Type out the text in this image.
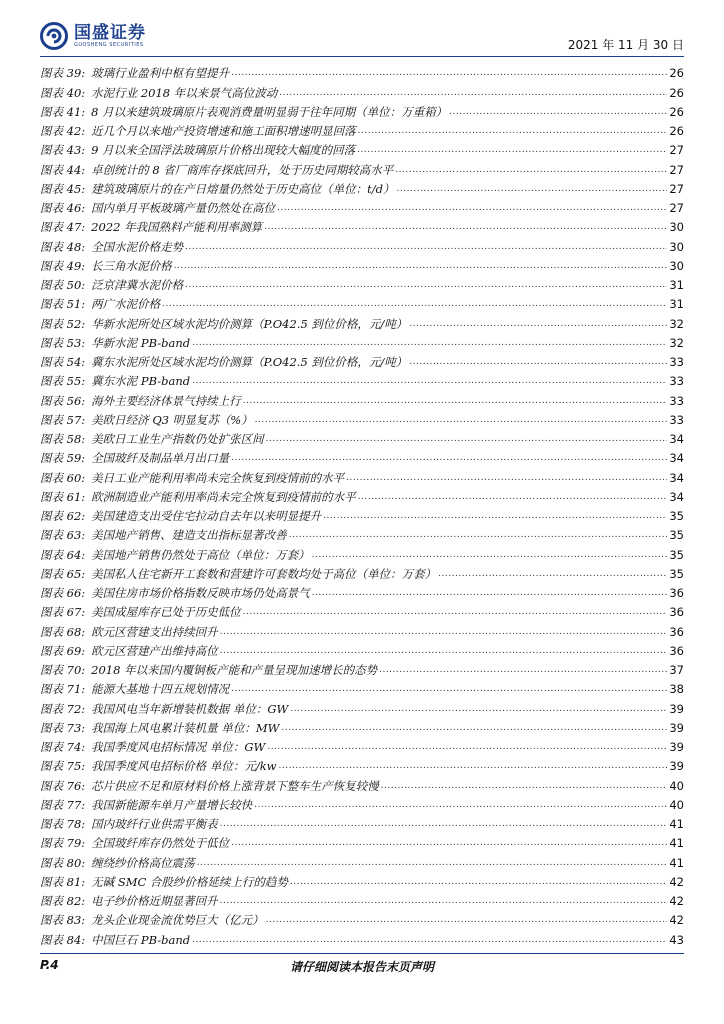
国盛证券
GUOSHENG SECURITIES	2021 年 11 月 30 日
图表 39: 玻璃行业盈利中枢有望提升 .....	26
图表 40: 水泥行业 2018 年以来景气高位波动 .....	26
图表 41: 8 月以来建筑玻璃原片表观消费量明显弱于往年同期（单位：万重箱） .....	26
图表 42: 近几个月以来地产投资增速和施工面积增速明显回落 .....	26
图表 43: 9 月以来全国浮法玻璃原片价格出现较大幅度的回落 .....	27
图表 44: 卓创统计的 8 省厂商库存探底回升，处于历史同期较高水平 .....	27
图表 45: 建筑玻璃原片的在产日熔量仍然处于历史高位（单位：t/d） .....	27
图表 46: 国内单月平板玻璃产量仍然处在高位 .....	27
图表 47: 2022 年我国熟料产能利用率测算 .....	30
图表 48: 全国水泥价格走势 .....	30
图表 49: 长三角水泥价格 .....	30
图表 50: 泛京津冀水泥价格 .....	31
图表 51: 两广水泥价格 .....	31
图表 52: 华新水泥所处区域水泥均价测算（P.O42.5 到位价格，元/吨） .....	32
图表 53: 华新水泥 PB-band .....	32
图表 54: 冀东水泥所处区域水泥均价测算（P.O42.5 到位价格，元/吨） .....	33
图表 55: 冀东水泥 PB-band .....	33
图表 56: 海外主要经济体景气持续上行 .....	33
图表 57: 美欧日经济 Q3 明显复苏（%） .....	33
图表 58: 美欧日工业生产指数仍处扩张区间 .....	34
图表 59: 全国玻纤及制品单月出口量 .....	34
图表 60: 美日工业产能利用率尚未完全恢复到疫情前的水平 .....	34
图表 61: 欧洲制造业产能利用率尚未完全恢复到疫情前的水平 .....	34
图表 62: 美国建造支出受住宅拉动自去年以来明显提升 .....	35
图表 63: 美国地产销售、建造支出指标显著改善 .....	35
图表 64: 美国地产销售仍然处于高位（单位：万套） .....	35
图表 65: 美国私人住宅新开工套数和营建许可套数均处于高位（单位：万套） .....	35
图表 66: 美国住房市场价格指数反映市场仍处高景气 .....	36
图表 67: 美国成屋库存已处于历史低位 .....	36
图表 68: 欧元区营建支出持续回升 .....	36
图表 69: 欧元区营建产出维持高位 .....	36
图表 70: 2018 年以来国内覆铜板产能和产量呈现加速增长的态势 .....	37
图表 71: 能源大基地十四五规划情况 .....	38
图表 72: 我国风电当年新增装机数据 单位：GW .....	39
图表 73: 我国海上风电累计装机量 单位：MW .....	39
图表 74: 我国季度风电招标情况 单位：GW .....	39
图表 75: 我国季度风电招标价格 单位：元/kw .....	39
图表 76: 芯片供应不足和原材料价格上涨背景下整车生产恢复较慢 .....	40
图表 77: 我国新能源车单月产量增长较快 .....	40
图表 78: 国内玻纤行业供需平衡表 .....	41
图表 79: 全国玻纤库存仍然处于低位 .....	41
图表 80: 缠绕纱价格高位震荡 .....	41
图表 81: 无碱 SMC 合股纱价格延续上行的趋势 .....	42
图表 82: 电子纱价格近期显著回升 .....	42
图表 83: 龙头企业现金流优势巨大（亿元） .....	42
图表 84: 中国巨石 PB-band .....	43
P.4	请仔细阅读本报告末页声明
